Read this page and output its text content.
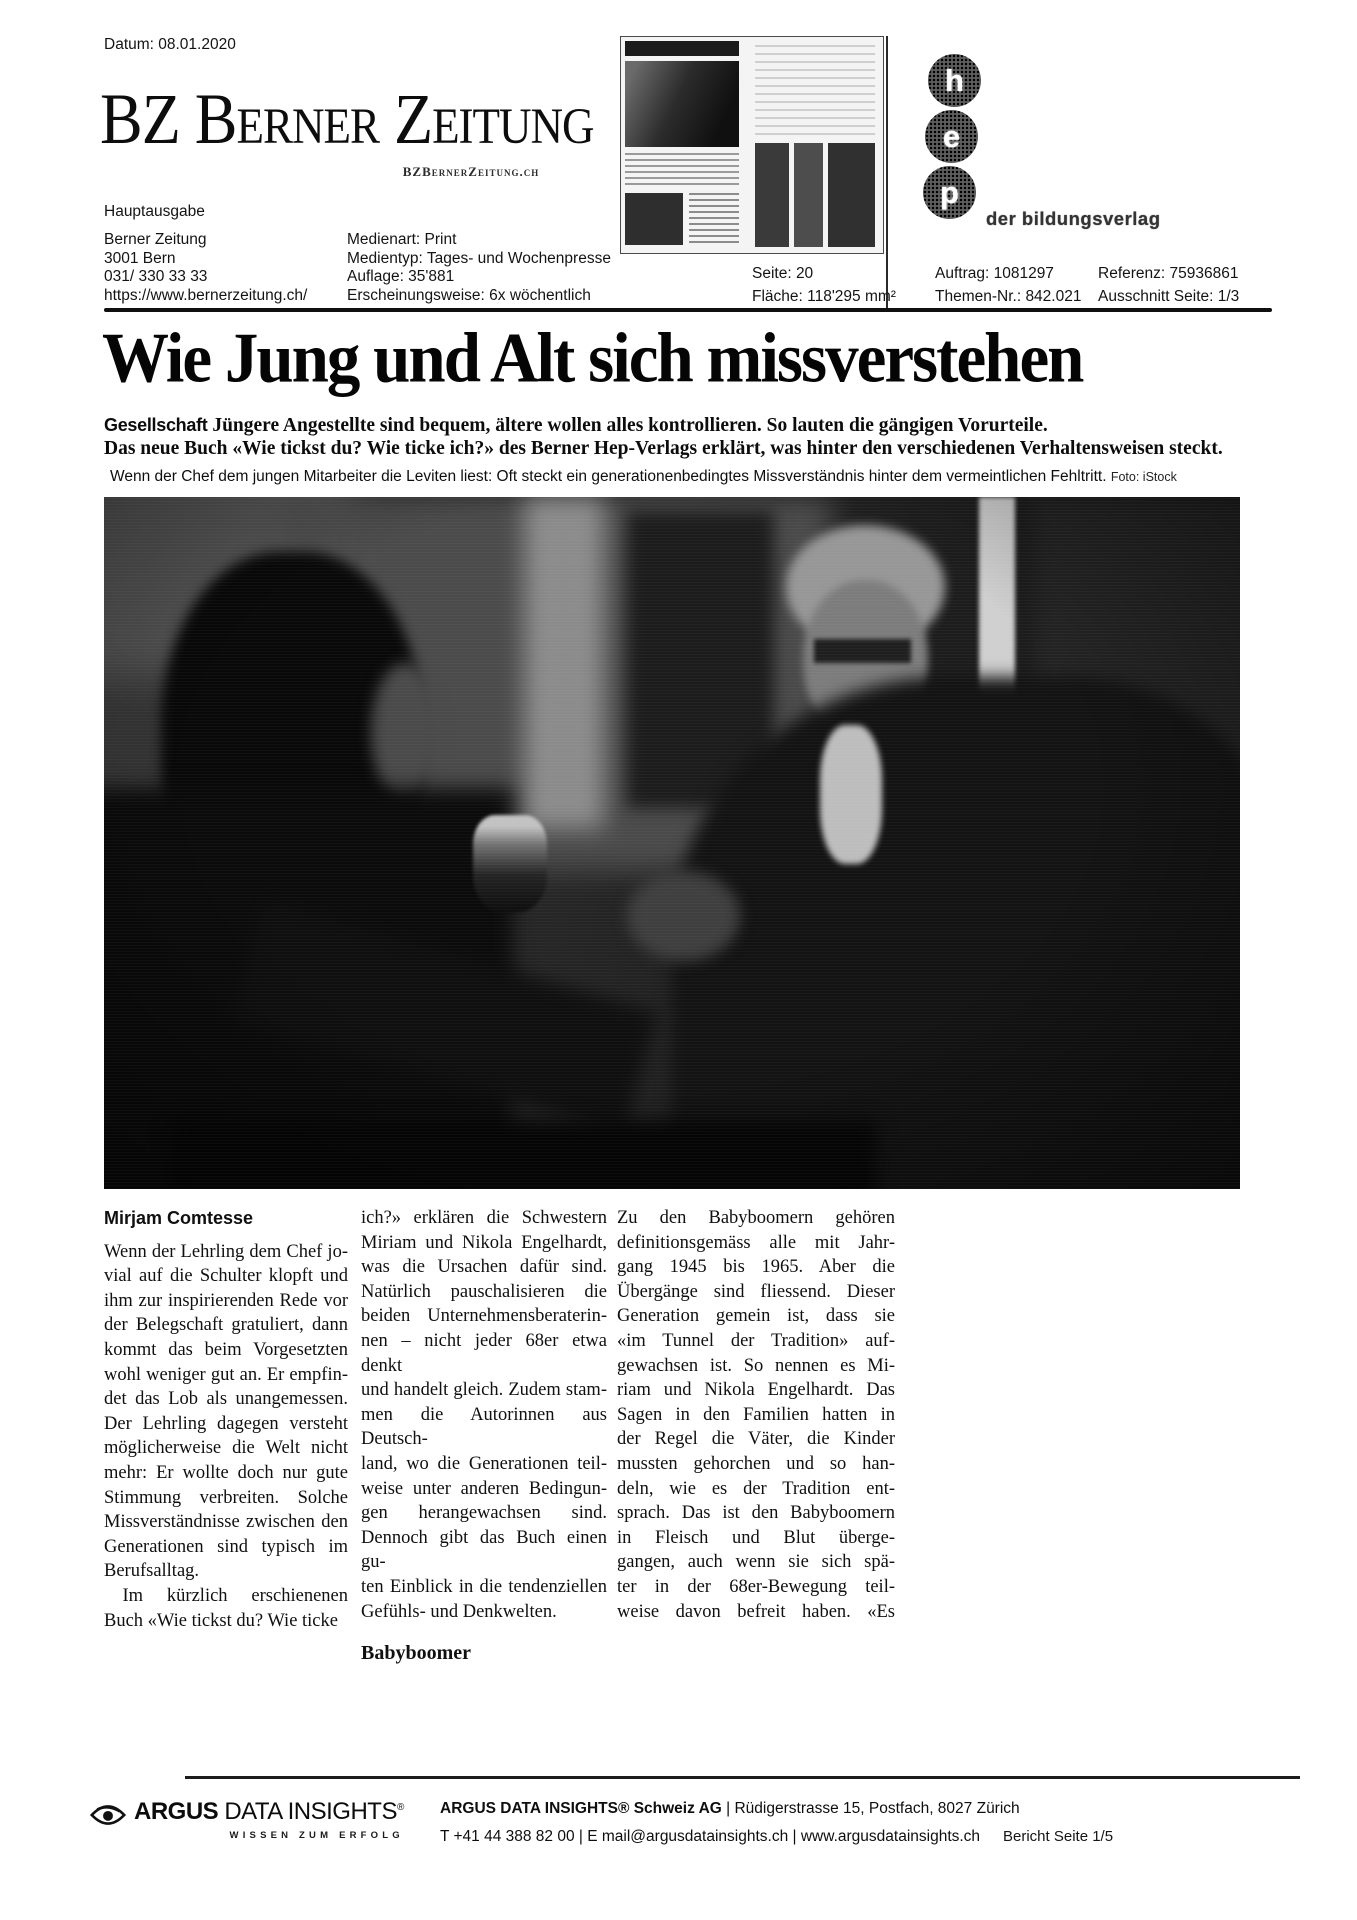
Datum: 08.01.2020
BZ Berner Zeitung
BZBernerZeitung.ch
Hauptausgabe
Berner Zeitung
3001 Bern
031/ 330 33 33
https://www.bernerzeitung.ch/
Medienart: Print
Medientyp: Tages- und Wochenpresse
Auflage: 35'881
Erscheinungsweise: 6x wöchentlich
h
e
p
der bildungsverlag
Seite: 20
Fläche: 118'295 mm²
Auftrag: 1081297
Themen-Nr.: 842.021
Referenz: 75936861
Ausschnitt Seite: 1/3
Wie Jung und Alt sich missverstehen
Gesellschaft Jüngere Angestellte sind bequem, ältere wollen alles kontrollieren. So lauten die gängigen Vorurteile.
Das neue Buch «Wie tickst du? Wie ticke ich?» des Berner Hep-Verlags erklärt, was hinter den verschiedenen Verhaltensweisen steckt.
Wenn der Chef dem jungen Mitarbeiter die Leviten liest: Oft steckt ein generationenbedingtes Missverständnis hinter dem vermeintlichen Fehltritt. Foto: iStock
Mirjam Comtesse
Wenn der Lehrling dem Chef jo-
vial auf die Schulter klopft und
ihm zur inspirierenden Rede vor
der Belegschaft gratuliert, dann
kommt das beim Vorgesetzten
wohl weniger gut an. Er empfin-
det das Lob als unangemessen.
Der Lehrling dagegen versteht
möglicherweise die Welt nicht
mehr: Er wollte doch nur gute
Stimmung verbreiten. Solche
Missverständnisse zwischen den
Generationen sind typisch im
Berufsalltag.
  Im kürzlich erschienenen
Buch «Wie tickst du? Wie ticke
ich?» erklären die Schwestern
Miriam und Nikola Engelhardt,
was die Ursachen dafür sind.
Natürlich pauschalisieren die
beiden Unternehmensberaterin-
nen – nicht jeder 68er etwa denkt
und handelt gleich. Zudem stam-
men die Autorinnen aus Deutsch-
land, wo die Generationen teil-
weise unter anderen Bedingun-
gen herangewachsen sind.
Dennoch gibt das Buch einen gu-
ten Einblick in die tendenziellen
Gefühls- und Denkwelten.
Babyboomer
Zu den Babyboomern gehören
definitionsgemäss alle mit Jahr-
gang 1945 bis 1965. Aber die
Übergänge sind fliessend. Dieser
Generation gemein ist, dass sie
«im Tunnel der Tradition» auf-
gewachsen ist. So nennen es Mi-
riam und Nikola Engelhardt. Das
Sagen in den Familien hatten in
der Regel die Väter, die Kinder
mussten gehorchen und so han-
deln, wie es der Tradition ent-
sprach. Das ist den Babyboomern
in Fleisch und Blut überge-
gangen, auch wenn sie sich spä-
ter in der 68er-Bewegung teil-
weise davon befreit haben. «Es
ARGUS DATA INSIGHTS®
WISSEN ZUM ERFOLG
ARGUS DATA INSIGHTS® Schweiz AG | Rüdigerstrasse 15, Postfach, 8027 Zürich
T +41 44 388 82 00 | E mail@argusdatainsights.ch | www.argusdatainsights.ch	Bericht Seite 1/5
